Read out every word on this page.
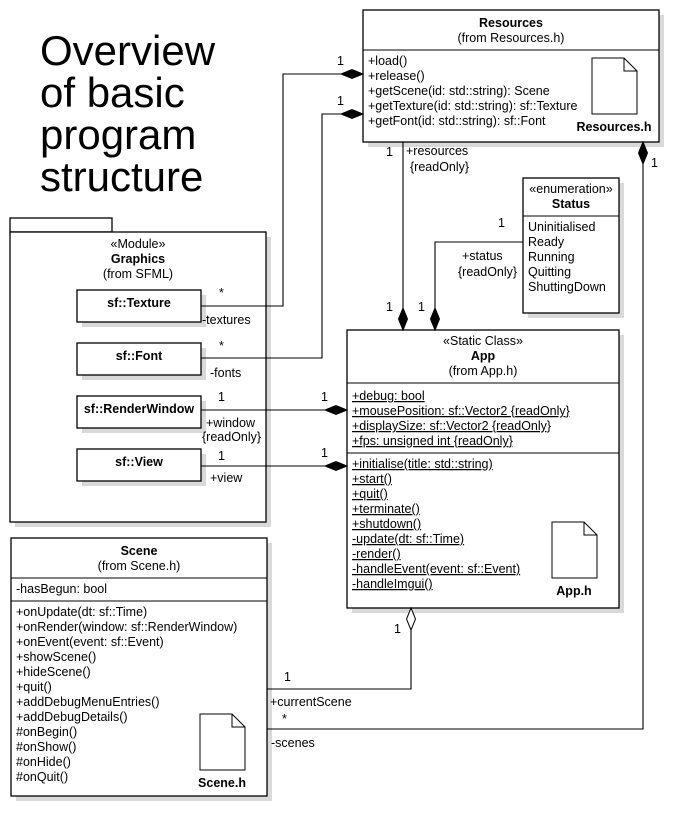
Overview
of basic
program
structure
Resources
(from Resources.h)
+load()
+release()
+getScene(id: std::string): Scene
+getTexture(id: std::string): sf::Texture
+getFont(id: std::string): sf::Font Resources.h
«enumeration»
Status
Uninitialised
Ready
Running
Quitting
ShuttingDown
«Module»
Graphics
(from SFML)
sf::Texture
sf::Font
sf::RenderWindow
sf::View
«Static Class»
App
(from App.h)
+debug: bool
+mousePosition: sf::Vector2 {readOnly}
+displaySize: sf::Vector2 {readOnly}
+fps: unsigned int {readOnly}
+initialise(title: std::string)
+start()
+quit()
+terminate()
+shutdown()
-update(dt: sf::Time)
-render()
-handleEvent(event: sf::Event)
-handleImgui()	App.h
Scene
(from Scene.h)
-hasBegun: bool
+onUpdate(dt: sf::Time)
+onRender(window: sf::RenderWindow)
+onEvent(event: sf::Event)
+showScene()
+hideScene()
+quit()
+addDebugMenuEntries()
+addDebugDetails()
#onBegin()
#onShow()
#onHide()
#onQuit()	Scene.h
*
-textures
1
*
-fonts
1
1 +resources
{readOnly}
1
1
+status
{readOnly}
1
1
+window
{readOnly}
1
1
+view
1
1
1
+currentScene
1
*
-scenes
